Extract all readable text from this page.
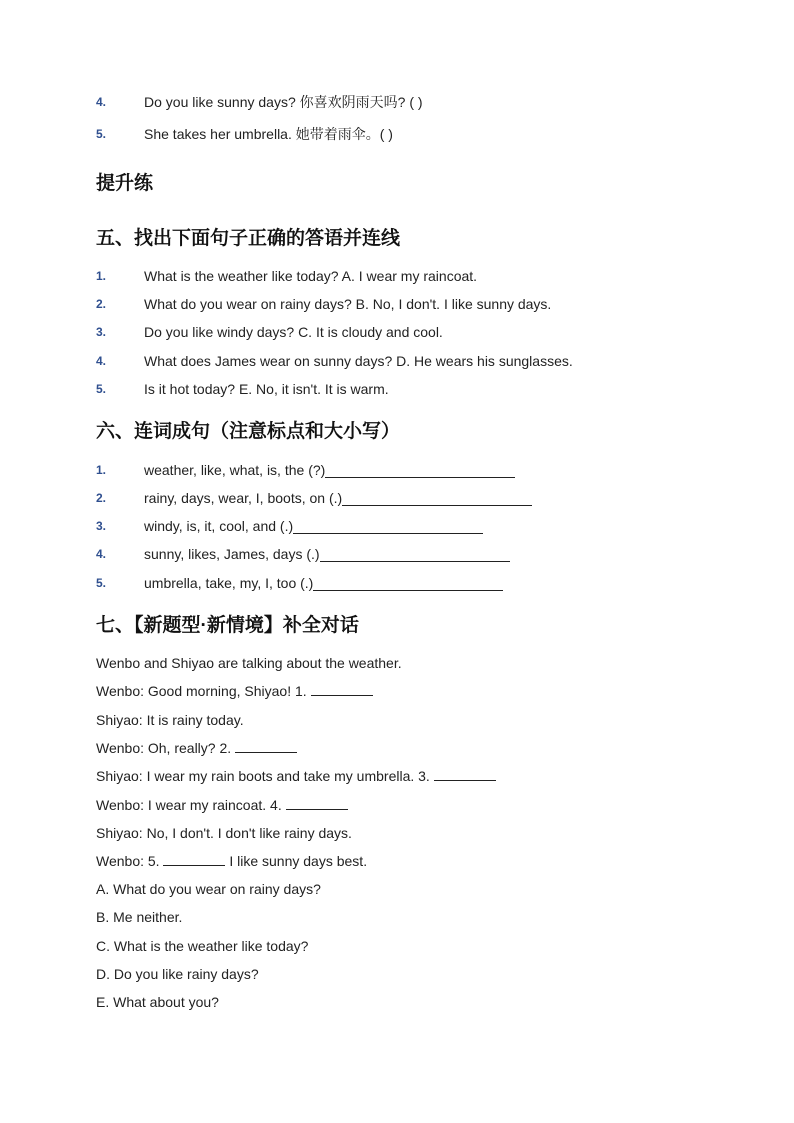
4.	Do you like sunny days? 你喜欢阴雨天吗? ( )
5.	She takes her umbrella. 她带着雨伞。( )
提升练
五、找出下面句子正确的答语并连线
1.	What is the weather like today? A. I wear my raincoat.
2.	What do you wear on rainy days? B. No, I don't. I like sunny days.
3.	Do you like windy days? C. It is cloudy and cool.
4.	What does James wear on sunny days? D. He wears his sunglasses.
5.	Is it hot today? E. No, it isn't. It is warm.
六、连词成句（注意标点和大小写）
1.	weather, like, what, is, the (?)
2.	rainy, days, wear, I, boots, on (.)
3.	windy, is, it, cool, and (.)
4.	sunny, likes, James, days (.)
5.	umbrella, take, my, I, too (.)
七、【新题型·新情境】补全对话
Wenbo and Shiyao are talking about the weather.
Wenbo: Good morning, Shiyao! 1.
Shiyao: It is rainy today.
Wenbo: Oh, really? 2.
Shiyao: I wear my rain boots and take my umbrella. 3.
Wenbo: I wear my raincoat. 4.
Shiyao: No, I don't. I don't like rainy days.
Wenbo: 5.	I like sunny days best.
A. What do you wear on rainy days?
B. Me neither.
C. What is the weather like today?
D. Do you like rainy days?
E. What about you?
